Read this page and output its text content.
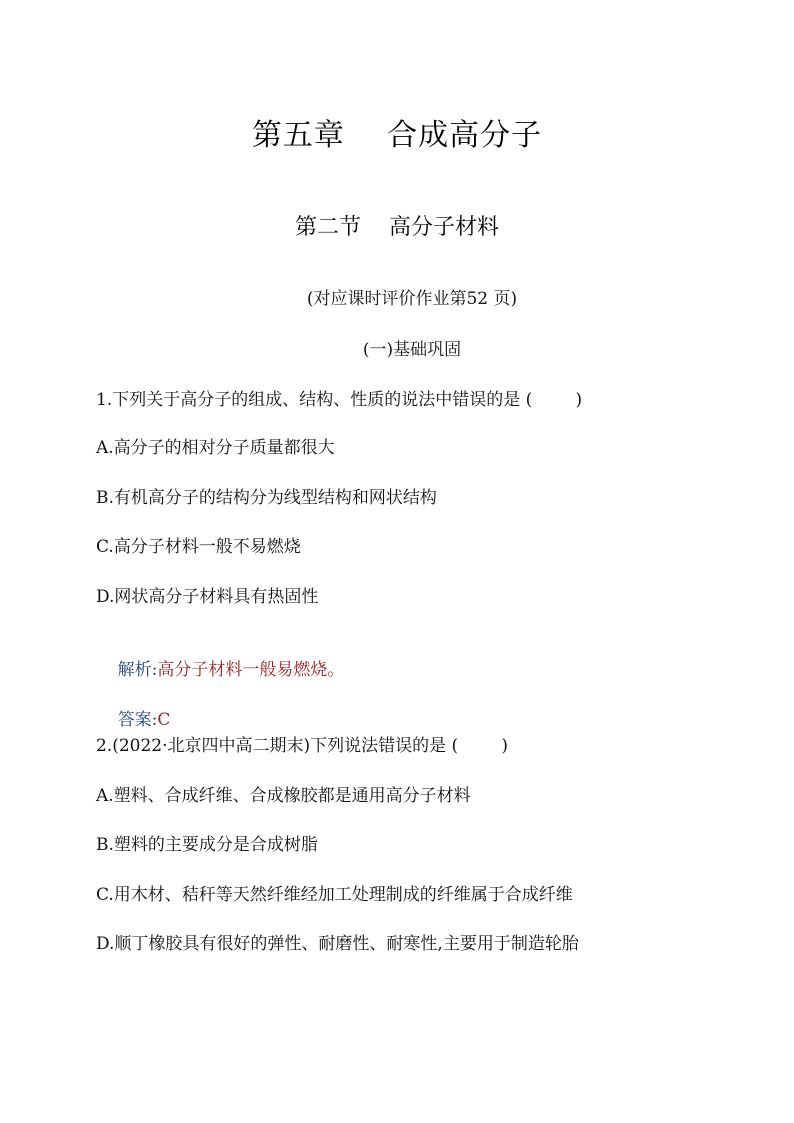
第五章    合成高分子
第二节    高分子材料
(对应课时评价作业第52 页)
(一)基础巩固
1.下列关于高分子的组成、结构、性质的说法中错误的是 (        )
A.高分子的相对分子质量都很大
B.有机高分子的结构分为线型结构和网状结构
C.高分子材料一般不易燃烧
D.网状高分子材料具有热固性

解析:高分子材料一般易燃烧。

答案:C

2.(2022·北京四中高二期末)下列说法错误的是 (        )
A.塑料、合成纤维、合成橡胶都是通用高分子材料
B.塑料的主要成分是合成树脂
C.用木材、秸秆等天然纤维经加工处理制成的纤维属于合成纤维
D.顺丁橡胶具有很好的弹性、耐磨性、耐寒性,主要用于制造轮胎
